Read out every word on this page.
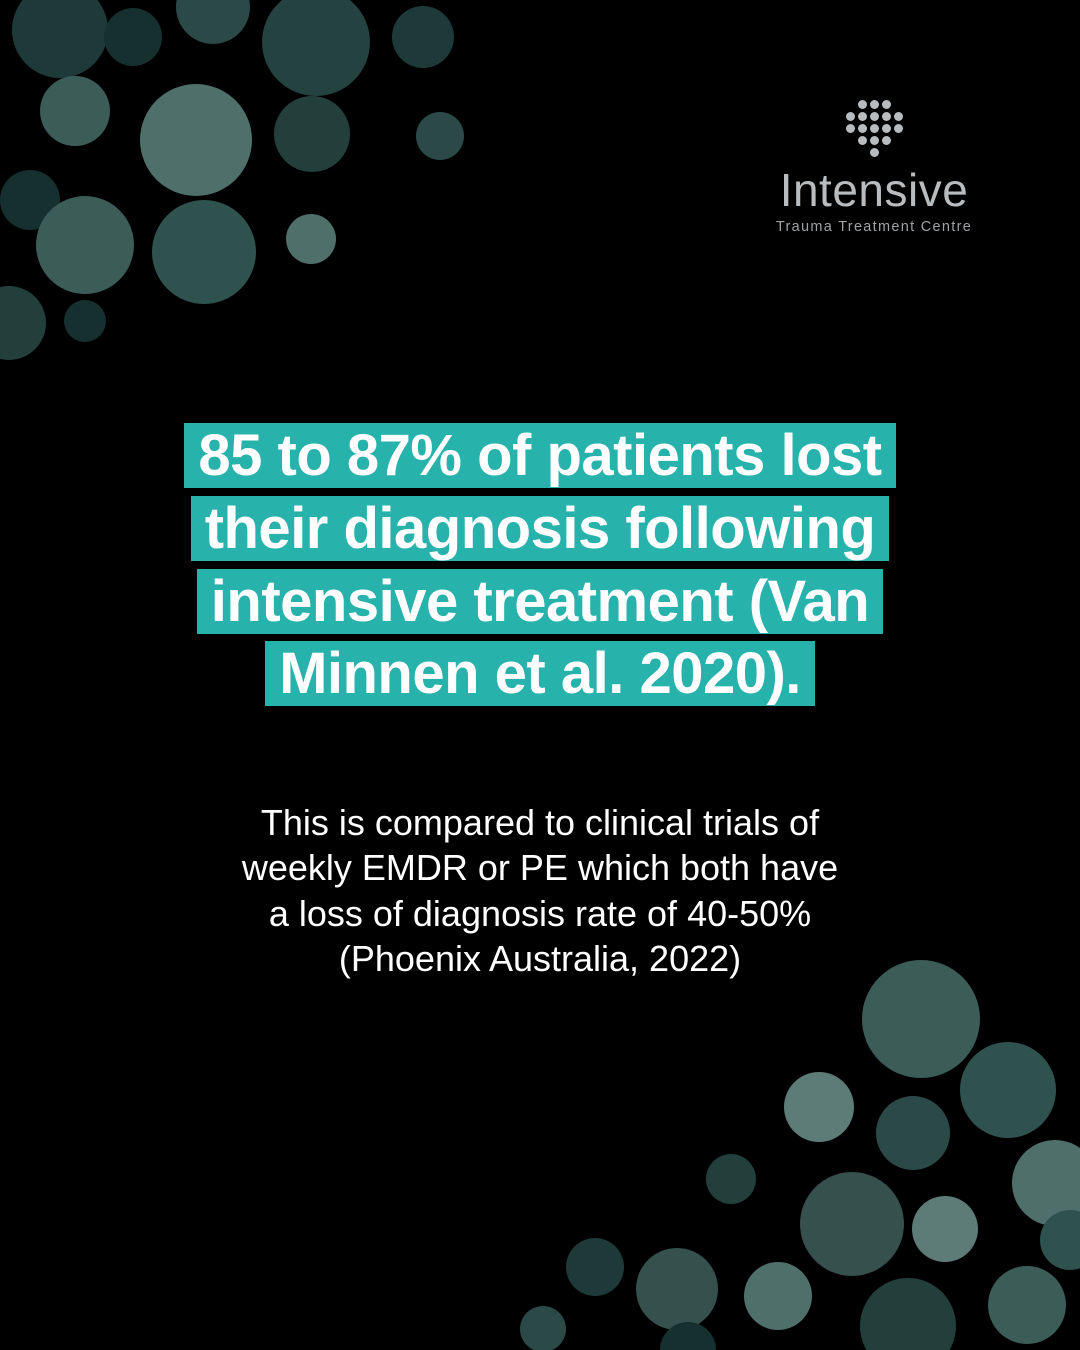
Intensive
Trauma Treatment Centre
85 to 87% of patients lost
their diagnosis following
intensive treatment (Van
Minnen et al. 2020).
This is compared to clinical trials of
weekly EMDR or PE which both have
a loss of diagnosis rate of 40-50%
(Phoenix Australia, 2022)
